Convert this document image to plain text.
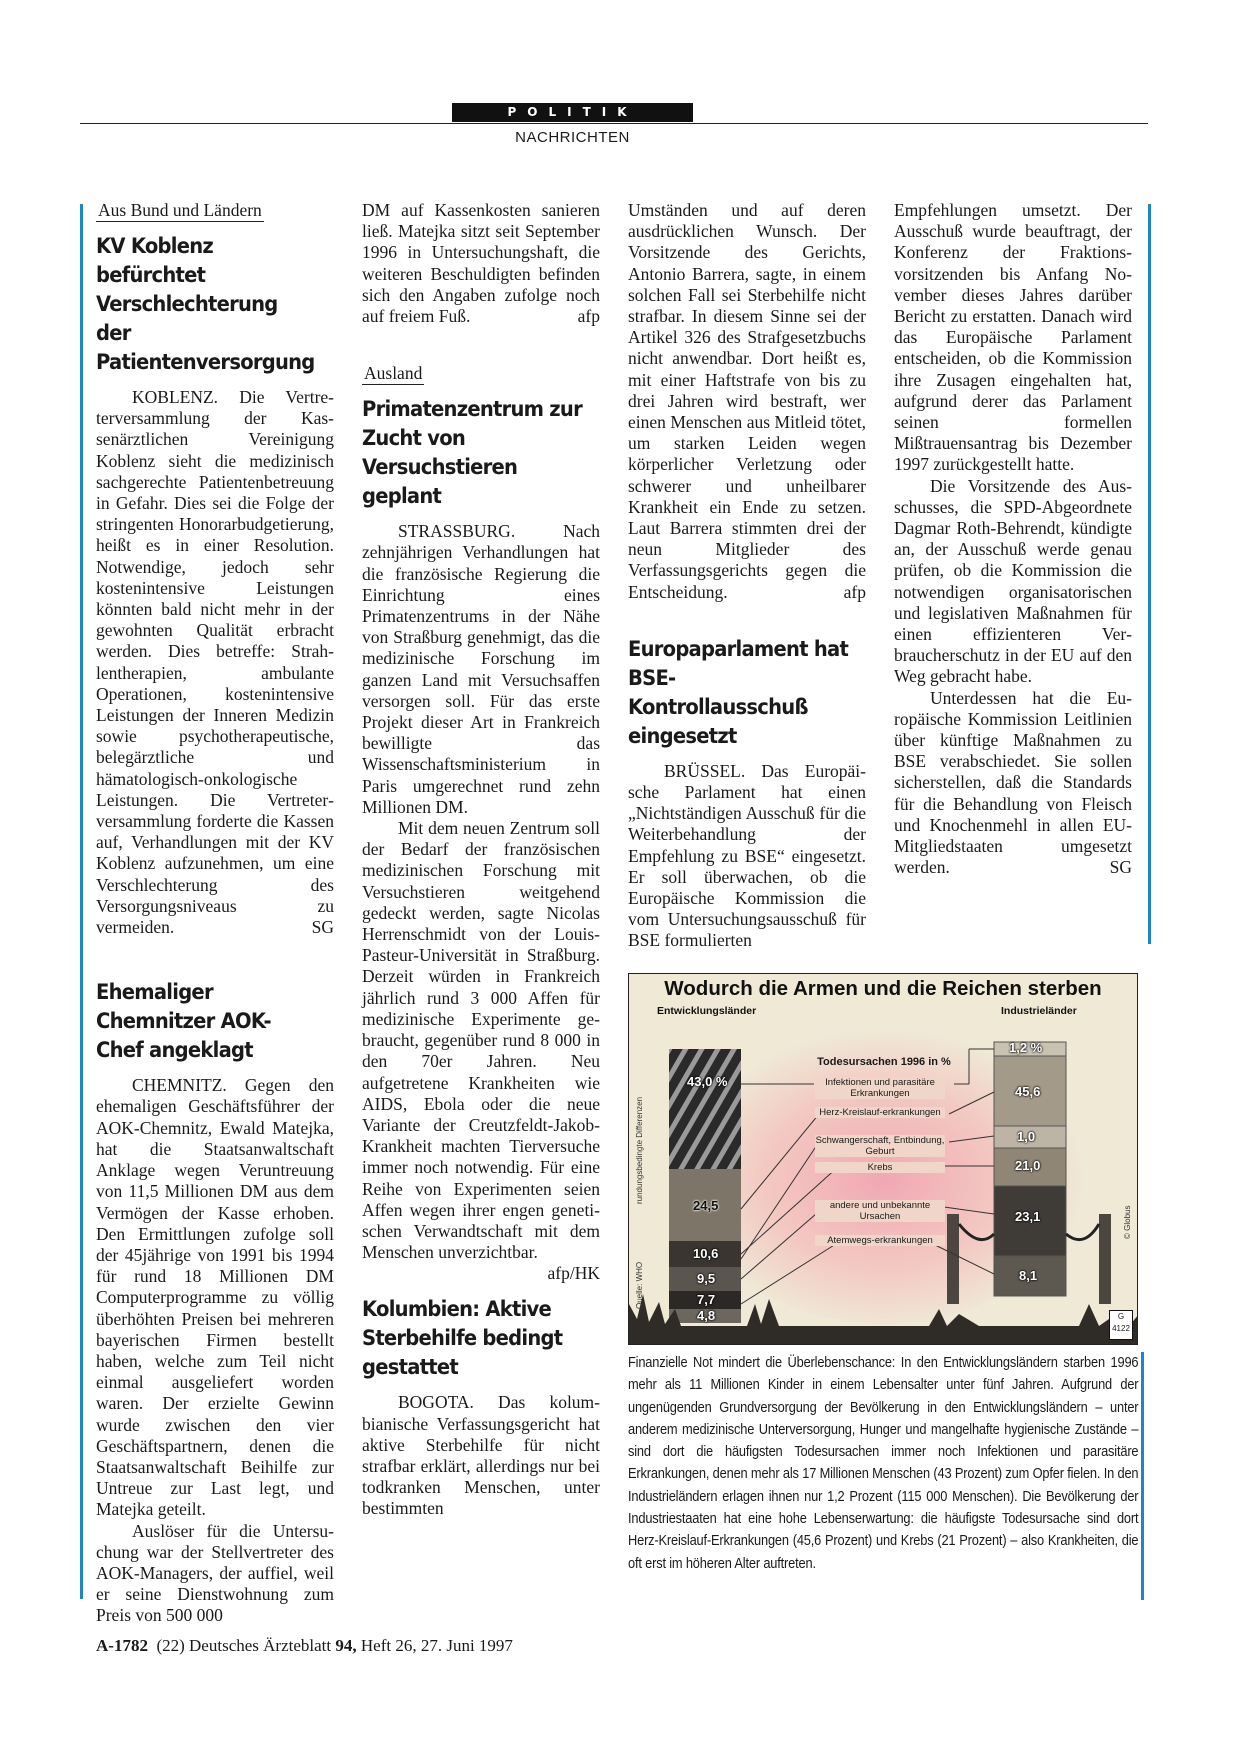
POLITIK
NACHRICHTEN
Aus Bund und Ländern
KV Koblenz befürchtet Verschlechterung der Patientenversorgung

KOBLENZ. Die Vertreterversammlung der Kassenärztlichen Vereinigung Koblenz sieht die medizinisch sachgerechte Patientenbetreuung in Gefahr. Dies sei die Folge der stringenten Honorarbudgetierung, heißt es in einer Resolution. Notwendige, jedoch sehr kostenintensive Leistungen könnten bald nicht mehr in der gewohnten Qualität erbracht werden. Dies betreffe: Strahlentherapien, ambulante Operationen, kostenintensive Leistungen der Inneren Medizin sowie psychotherapeutische, belegärztliche und hämatologisch-onkologische Leistungen. Die Vertreterversammlung forderte die Kassen auf, Verhandlungen mit der KV Koblenz aufzunehmen, um eine Verschlechterung des Versorgungsniveaus zu vermeiden.	SG

Ehemaliger Chemnitzer AOK-Chef angeklagt

CHEMNITZ. Gegen den ehemaligen Geschäftsführer der AOK-Chemnitz, Ewald Matejka, hat die Staatsanwaltschaft Anklage wegen Veruntreuung von 11,5 Millionen DM aus dem Vermögen der Kasse erhoben. Den Ermittlungen zufolge soll der 45jährige von 1991 bis 1994 für rund 18 Millionen DM Computerprogramme zu völlig überhöhten Preisen bei mehreren bayerischen Firmen bestellt haben, welche zum Teil nicht einmal ausgeliefert worden waren. Der erzielte Gewinn wurde zwischen den vier Geschäftspartnern, denen die Staatsanwaltschaft Beihilfe zur Untreue zur Last legt, und Matejka geteilt.

Auslöser für die Untersuchung war der Stellvertreter des AOK-Managers, der auffiel, weil er seine Dienstwohnung zum Preis von 500 000

DM auf Kassenkosten sanieren ließ. Matejka sitzt seit September 1996 in Untersuchungshaft, die weiteren Beschuldigten befinden sich den Angaben zufolge noch auf freiem Fuß.	afp

Ausland
Primatenzentrum zur Zucht von Versuchstieren geplant

STRASSBURG. Nach zehnjährigen Verhandlungen hat die französische Regierung die Einrichtung eines Primatenzentrums in der Nähe von Straßburg genehmigt, das die medizinische Forschung im ganzen Land mit Versuchsaffen versorgen soll. Für das erste Projekt dieser Art in Frankreich bewilligte das Wissenschaftsministerium in Paris umgerechnet rund zehn Millionen DM.

Mit dem neuen Zentrum soll der Bedarf der französischen medizinischen Forschung mit Versuchstieren weitgehend gedeckt werden, sagte Nicolas Herrenschmidt von der Louis-Pasteur-Universität in Straßburg. Derzeit würden in Frankreich jährlich rund 3 000 Affen für medizinische Experimente gebraucht, gegenüber rund 8 000 in den 70er Jahren. Neu aufgetretene Krankheiten wie AIDS, Ebola oder die neue Variante der Creutzfeldt-Jakob-Krankheit machten Tierversuche immer noch notwendig. Für eine Reihe von Experimenten seien Affen wegen ihrer engen genetischen Verwandtschaft mit dem Menschen unverzichtbar.
afp/HK

Kolumbien: Aktive Sterbehilfe bedingt gestattet

BOGOTA. Das kolumbianische Verfassungsgericht hat aktive Sterbehilfe für nicht strafbar erklärt, allerdings nur bei todkranken Menschen, unter bestimmten

Umständen und auf deren ausdrücklichen Wunsch. Der Vorsitzende des Gerichts, Antonio Barrera, sagte, in einem solchen Fall sei Sterbehilfe nicht strafbar. In diesem Sinne sei der Artikel 326 des Strafgesetzbuchs nicht anwendbar. Dort heißt es, mit einer Haftstrafe von bis zu drei Jahren wird bestraft, wer einen Menschen aus Mitleid tötet, um starken Leiden wegen körperlicher Verletzung oder schwerer und unheilbarer Krankheit ein Ende zu setzen. Laut Barrera stimmten drei der neun Mitglieder des Verfassungsgerichts gegen die Entscheidung.	afp

Europaparlament hat BSE-Kontrollausschuß eingesetzt

BRÜSSEL. Das Europäische Parlament hat einen „Nichtständigen Ausschuß für die Weiterbehandlung der Empfehlung zu BSE“ eingesetzt. Er soll überwachen, ob die Europäische Kommission die vom Untersuchungsausschuß für BSE formulierten

Empfehlungen umsetzt. Der Ausschuß wurde beauftragt, der Konferenz der Fraktionsvorsitzenden bis Anfang November dieses Jahres darüber Bericht zu erstatten. Danach wird das Europäische Parlament entscheiden, ob die Kommission ihre Zusagen eingehalten hat, aufgrund derer das Parlament seinen formellen Mißtrauensantrag bis Dezember 1997 zurückgestellt hatte.

Die Vorsitzende des Ausschusses, die SPD-Abgeordnete Dagmar Roth-Behrendt, kündigte an, der Ausschuß werde genau prüfen, ob die Kommission die notwendigen organisatorischen und legislativen Maßnahmen für einen effizienteren Verbraucherschutz in der EU auf den Weg gebracht habe.

Unterdessen hat die Europäische Kommission Leitlinien über künftige Maßnahmen zu BSE verabschiedet. Sie sollen sicherstellen, daß die Standards für die Behandlung von Fleisch und Knochenmehl in allen EU-Mitgliedstaaten umgesetzt werden.	SG

Wodurch die Armen und die Reichen sterben
Entwicklungsländer	Industrieländer
Todesursachen 1996 in %
Infektionen und parasitäre Erkrankungen
Herz-Kreislauf-erkrankungen
Schwangerschaft, Entbindung, Geburt
Krebs
andere und unbekannte Ursachen
Atemwegs-erkrankungen
43,0 %
24,5
10,6
9,5
7,7
4,8
1,2 %
45,6
1,0
21,0
23,1
8,1
rundungsbedingte Differenzen
Quelle: WHO
© Globus
G
4122
Finanzielle Not mindert die Überlebenschance: In den Entwicklungsländern starben 1996 mehr als 11 Millionen Kinder in einem Lebensalter unter fünf Jahren. Aufgrund der ungenügenden Grundversorgung der Bevölkerung in den Entwicklungsländern – unter anderem medizinische Unterversorgung, Hunger und mangelhafte hygienische Zustände – sind dort die häufigsten Todesursachen immer noch Infektionen und parasitäre Erkrankungen, denen mehr als 17 Millionen Menschen (43 Prozent) zum Opfer fielen. In den Industrieländern erlagen ihnen nur 1,2 Prozent (115 000 Menschen). Die Bevölkerung der Industriestaaten hat eine hohe Lebenserwartung: die häufigste Todesursache sind dort Herz-Kreislauf-Erkrankungen (45,6 Prozent) und Krebs (21 Prozent) – also Krankheiten, die oft erst im höheren Alter auftreten.
A-1782 (22) Deutsches Ärzteblatt 94, Heft 26, 27. Juni 1997
